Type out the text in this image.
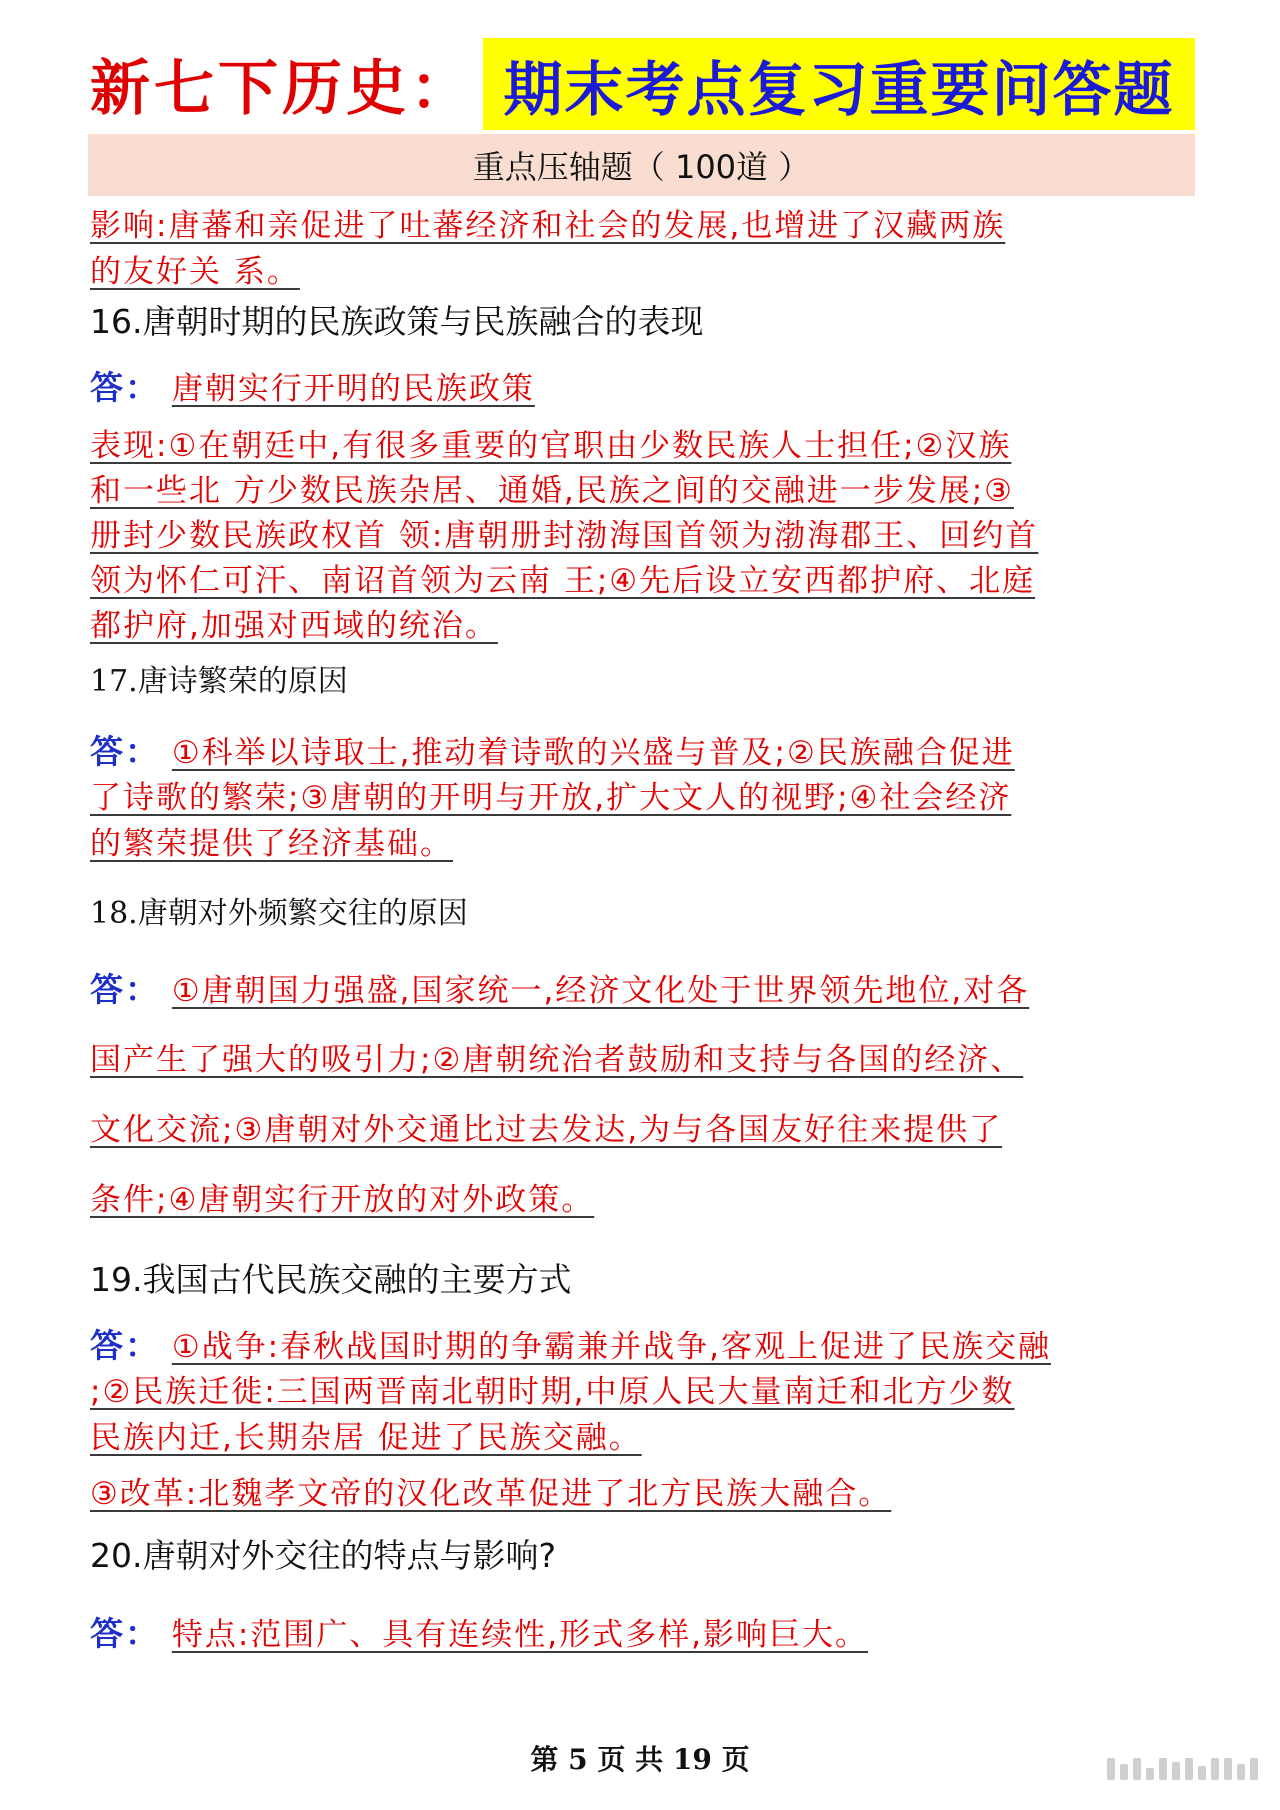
新七下历史： 期末考点复习重要问答题
重点压轴题（ 100道 ）
影响:唐蕃和亲促进了吐蕃经济和社会的发展,也增进了汉藏两族
的友好关 系。
16.唐朝时期的民族政策与民族融合的表现
答： 唐朝实行开明的民族政策
表现:①在朝廷中,有很多重要的官职由少数民族人士担任;②汉族
和一些北 方少数民族杂居、通婚,民族之间的交融进一步发展;③
册封少数民族政权首 领:唐朝册封渤海国首领为渤海郡王、回约首
领为怀仁可汗、南诏首领为云南 王;④先后设立安西都护府、北庭
都护府,加强对西域的统治。
17.唐诗繁荣的原因
答： ①科举以诗取士,推动着诗歌的兴盛与普及;②民族融合促进
了诗歌的繁荣;③唐朝的开明与开放,扩大文人的视野;④社会经济
的繁荣提供了经济基础。
18.唐朝对外频繁交往的原因
答： ①唐朝国力强盛,国家统一,经济文化处于世界领先地位,对各
国产生了强大的吸引力;②唐朝统治者鼓励和支持与各国的经济、
文化交流;③唐朝对外交通比过去发达,为与各国友好往来提供了
条件;④唐朝实行开放的对外政策。
19.我国古代民族交融的主要方式
答： ①战争:春秋战国时期的争霸兼并战争,客观上促进了民族交融
;②民族迁徙:三国两晋南北朝时期,中原人民大量南迁和北方少数
民族内迁,长期杂居 促进了民族交融。
③改革:北魏孝文帝的汉化改革促进了北方民族大融合。
20.唐朝对外交往的特点与影响?
答： 特点:范围广、具有连续性,形式多样,影响巨大。
第 5 页 共 19 页
